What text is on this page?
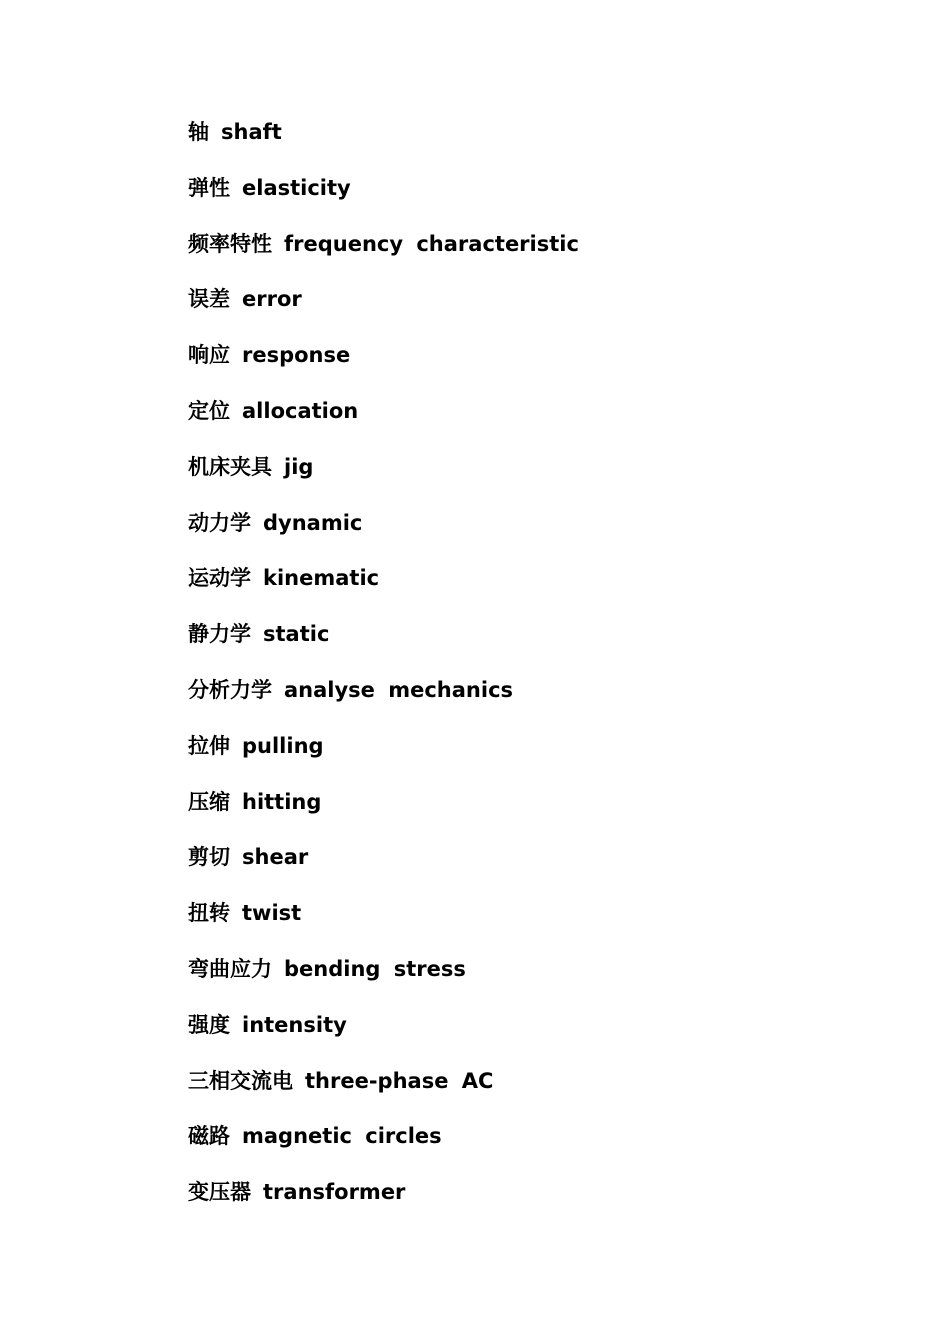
轴 shaft
弹性 elasticity
频率特性 frequency characteristic
误差 error
响应 response
定位 allocation
机床夹具 jig
动力学 dynamic
运动学 kinematic
静力学 static
分析力学 analyse mechanics
拉伸 pulling
压缩 hitting
剪切 shear
扭转 twist
弯曲应力 bending stress
强度 intensity
三相交流电 three-phase AC
磁路 magnetic circles
变压器 transformer
